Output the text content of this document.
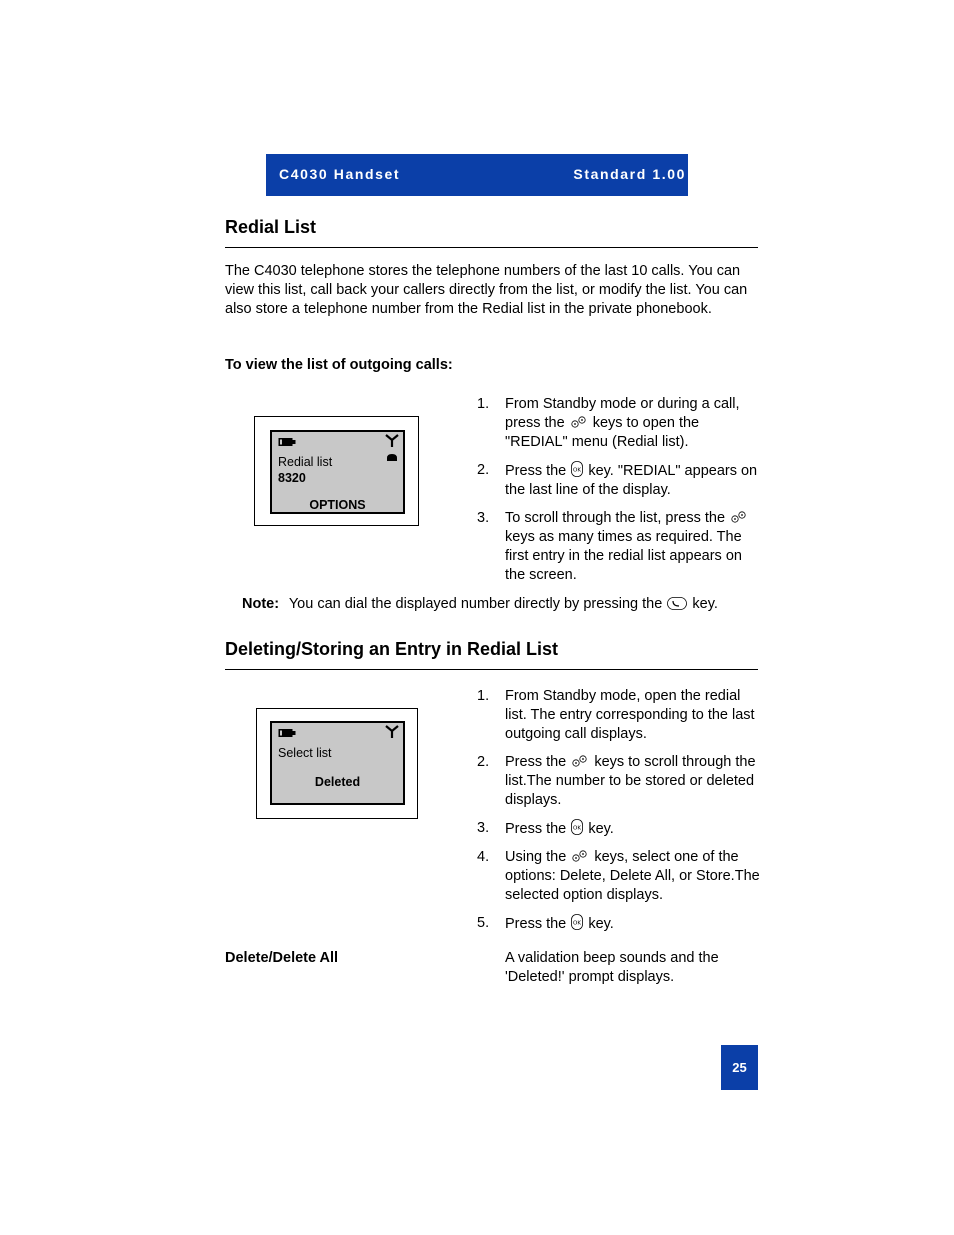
C4030 Handset	Standard 1.00
Redial List

The C4030 telephone stores the telephone numbers of the last 10 calls. You can view this list, call back your callers directly from the list, or modify the list. You can also store a telephone number from the Redial list in the private phonebook.

To view the list of outgoing calls:
Redial list
8320
OPTIONS
1. From Standby mode or during a call, press the keys to open the "REDIAL" menu (Redial list).
2. Press the OK key. "REDIAL" appears on the last line of the display.
3. To scroll through the list, press the  keys as many times as required. The first entry in the redial list appears on the screen.
Note: You can dial the displayed number directly by pressing the key.
Deleting/Storing an Entry in Redial List
Select list
Deleted
1. From Standby mode, open the redial list. The entry corresponding to the last outgoing call displays.
2. Press the keys to scroll through the list.The number to be stored or deleted displays.
3. Press the OK key.
4. Using the keys, select one of the options: Delete, Delete All, or Store.The selected option displays.
5. Press the OK key.
Delete/Delete All	A validation beep sounds and the 'Deleted!' prompt displays.
25
